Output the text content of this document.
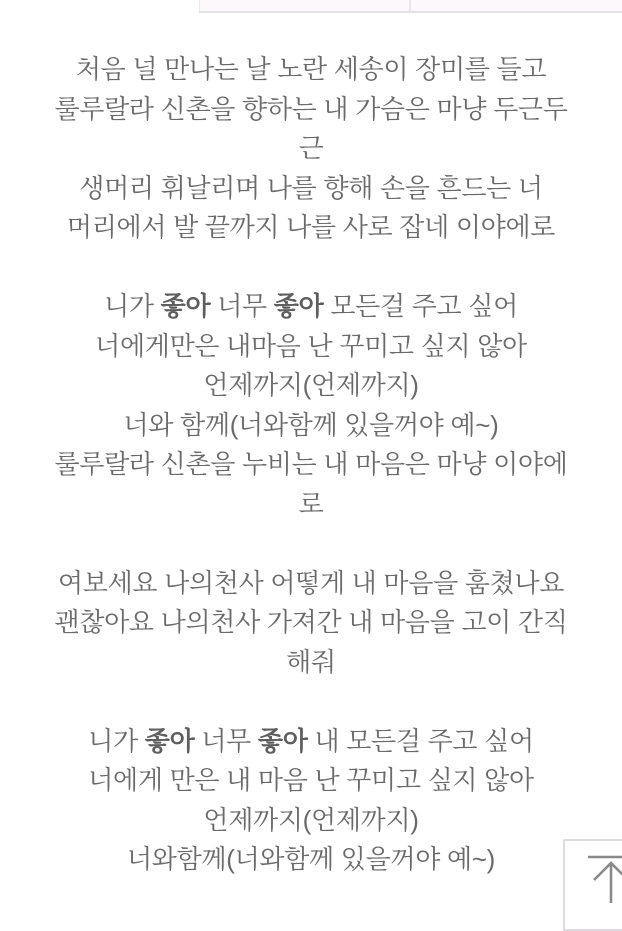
처음 널 만나는 날 노란 세송이 장미를 들고
룰루랄라 신촌을 향하는 내 가슴은 마냥 두근두
근
생머리 휘날리며 나를 향해 손을 흔드는 너
머리에서 발 끝까지 나를 사로 잡네 이야에로
니가 좋아 너무 좋아 모든걸 주고 싶어
너에게만은 내마음 난 꾸미고 싶지 않아
언제까지(언제까지)
너와 함께(너와함께 있을꺼야 예~)
룰루랄라 신촌을 누비는 내 마음은 마냥 이야에
로
여보세요 나의천사 어떻게 내 마음을 훔쳤나요
괜찮아요 나의천사 가져간 내 마음을 고이 간직
해줘
니가 좋아 너무 좋아 내 모든걸 주고 싶어
너에게 만은 내 마음 난 꾸미고 싶지 않아
언제까지(언제까지)
너와함께(너와함께 있을꺼야 예~)
